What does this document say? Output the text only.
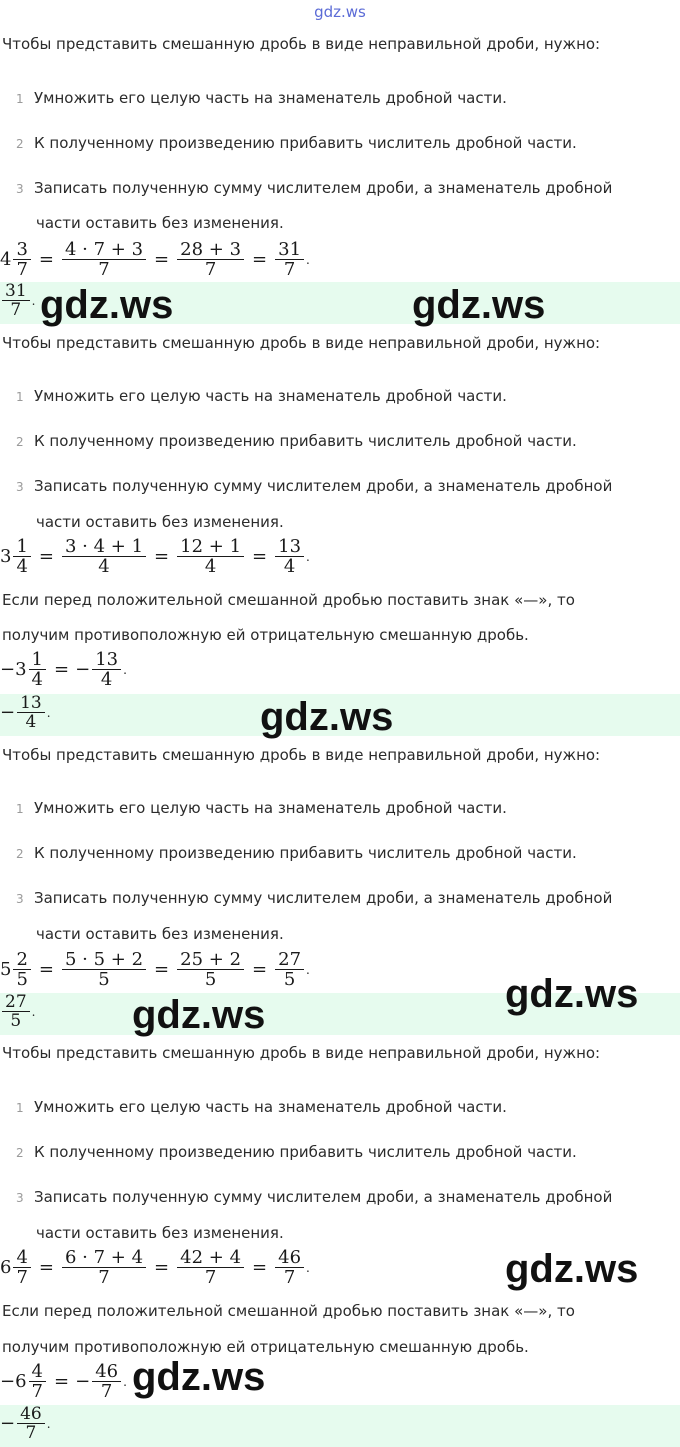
gdz.ws
Чтобы представить смешанную дробь в виде неправильной дроби, нужно:
1 Умножить его целую часть на знаменатель дробной части.
2 К полученному произведению прибавить числитель дробной части.
3 Записать полученную сумму числителем дроби, а знаменатель дробной
части оставить без изменения.
$4 \frac{3}{7} = \frac{4 \cdot 7 + 3}{7} = \frac{28 + 3}{7} = \frac{31}{7}$ .
$\frac{31}{7}$ . gdz.ws	gdz.ws
Чтобы представить смешанную дробь в виде неправильной дроби, нужно:
1 Умножить его целую часть на знаменатель дробной части.
2 К полученному произведению прибавить числитель дробной части.
3 Записать полученную сумму числителем дроби, а знаменатель дробной
части оставить без изменения.
$3 \frac{1}{4} = \frac{3 \cdot 4 + 1}{4} = \frac{12 + 1}{4} = \frac{13}{4}$ .
Если перед положительной смешанной дробью поставить знак «—», то
получим противоположную ей отрицательную смешанную дробь.
$-3 \frac{1}{4}$ = − $\frac{13}{4}$ .
− $\frac{13}{4}$ .	gdz.ws
Чтобы представить смешанную дробь в виде неправильной дроби, нужно:
1 Умножить его целую часть на знаменатель дробной части.
2 К полученному произведению прибавить числитель дробной части.
3 Записать полученную сумму числителем дроби, а знаменатель дробной
части оставить без изменения.
$5 \frac{2}{5} = \frac{5 \cdot 5 + 2}{5} = \frac{25 + 2}{5} = \frac{27}{5}$ .
$\frac{27}{5}$ . gdz.ws	gdz.ws
Чтобы представить смешанную дробь в виде неправильной дроби, нужно:
1 Умножить его целую часть на знаменатель дробной части.
2 К полученному произведению прибавить числитель дробной части.
3 Записать полученную сумму числителем дроби, а знаменатель дробной
части оставить без изменения.
$6 \frac{4}{7} = \frac{6 \cdot 7 + 4}{7} = \frac{42 + 4}{7} = \frac{46}{7}$ .	gdz.ws
Если перед положительной смешанной дробью поставить знак «—», то
получим противоположную ей отрицательную смешанную дробь.
$-6 \frac{4}{7}$ = − $\frac{46}{7}$ . gdz.ws
− $\frac{46}{7}$ .
